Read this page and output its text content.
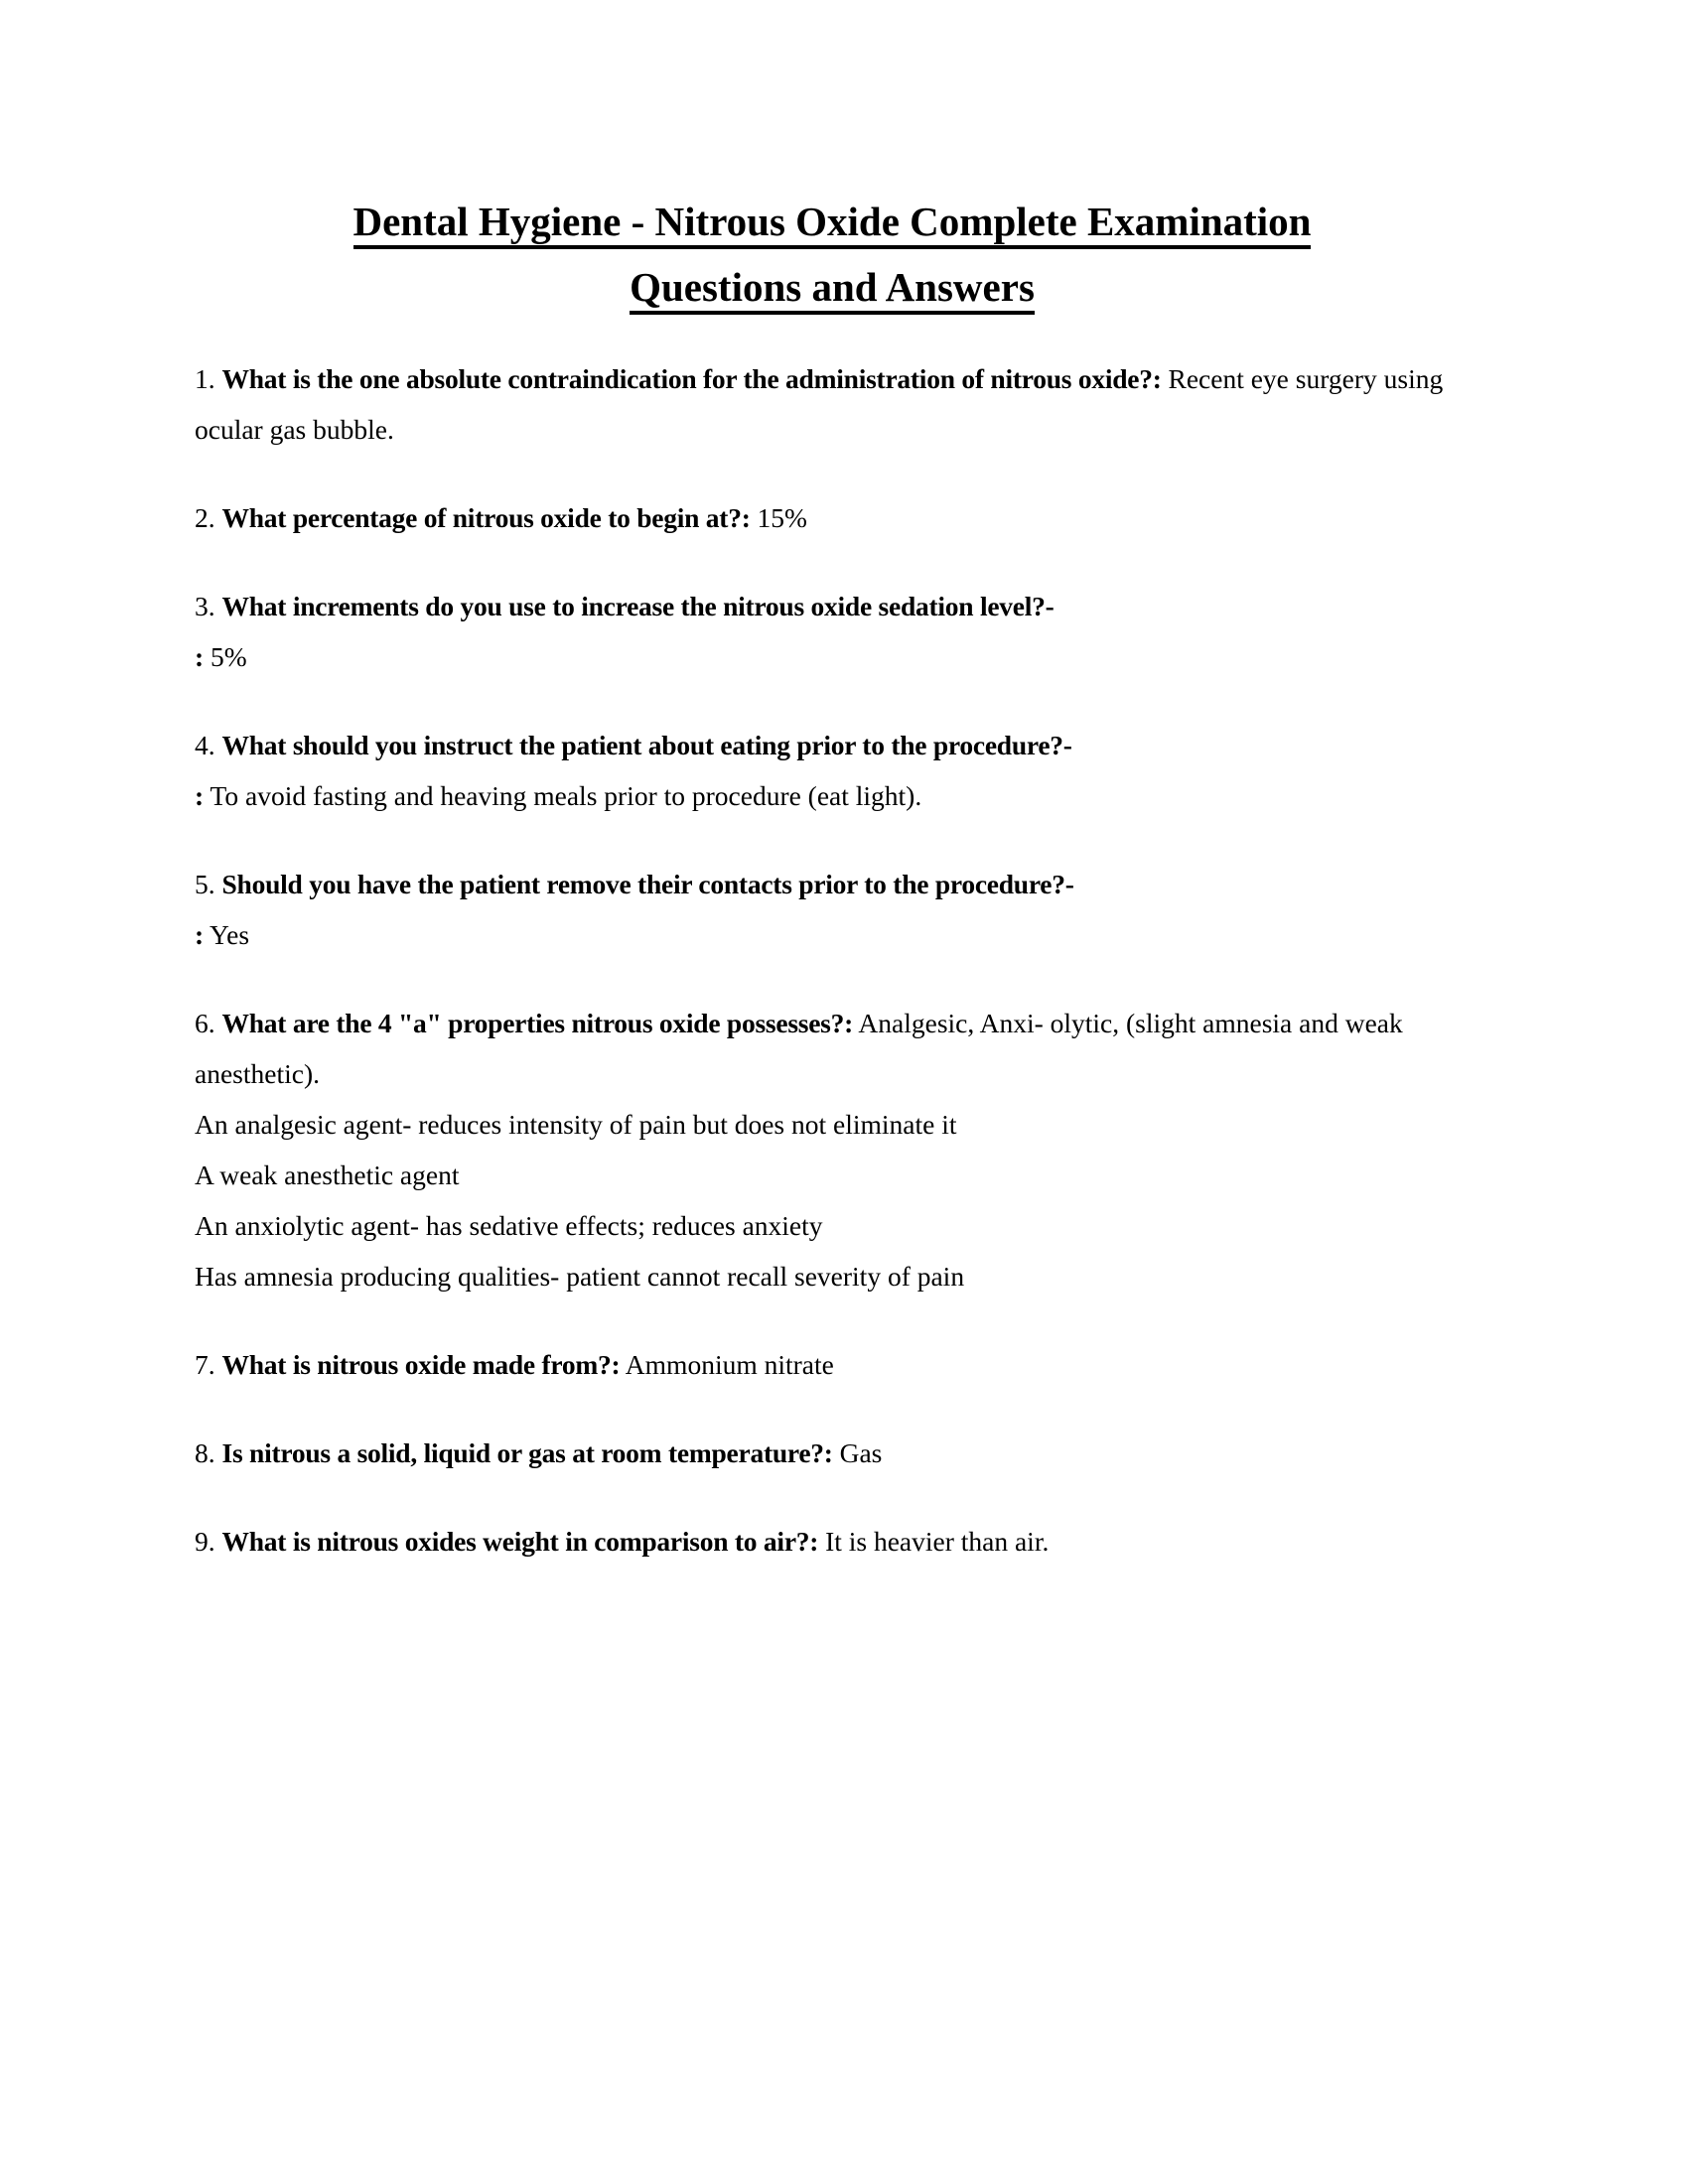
Dental Hygiene - Nitrous Oxide Complete Examination
Questions and Answers

1. What is the one absolute contraindication for the administration of nitrous oxide?: Recent eye surgery using ocular gas bubble.

2. What percentage of nitrous oxide to begin at?: 15%

3. What increments do you use to increase the nitrous oxide sedation level?-
: 5%

4. What should you instruct the patient about eating prior to the procedure?-
: To avoid fasting and heaving meals prior to procedure (eat light).

5. Should you have the patient remove their contacts prior to the procedure?-
: Yes

6. What are the 4 "a" properties nitrous oxide possesses?: Analgesic, Anxi- olytic, (slight amnesia and weak anesthetic).
An analgesic agent- reduces intensity of pain but does not eliminate it
A weak anesthetic agent
An anxiolytic agent- has sedative effects; reduces anxiety
Has amnesia producing qualities- patient cannot recall severity of pain

7. What is nitrous oxide made from?: Ammonium nitrate

8. Is nitrous a solid, liquid or gas at room temperature?: Gas

9. What is nitrous oxides weight in comparison to air?: It is heavier than air.
